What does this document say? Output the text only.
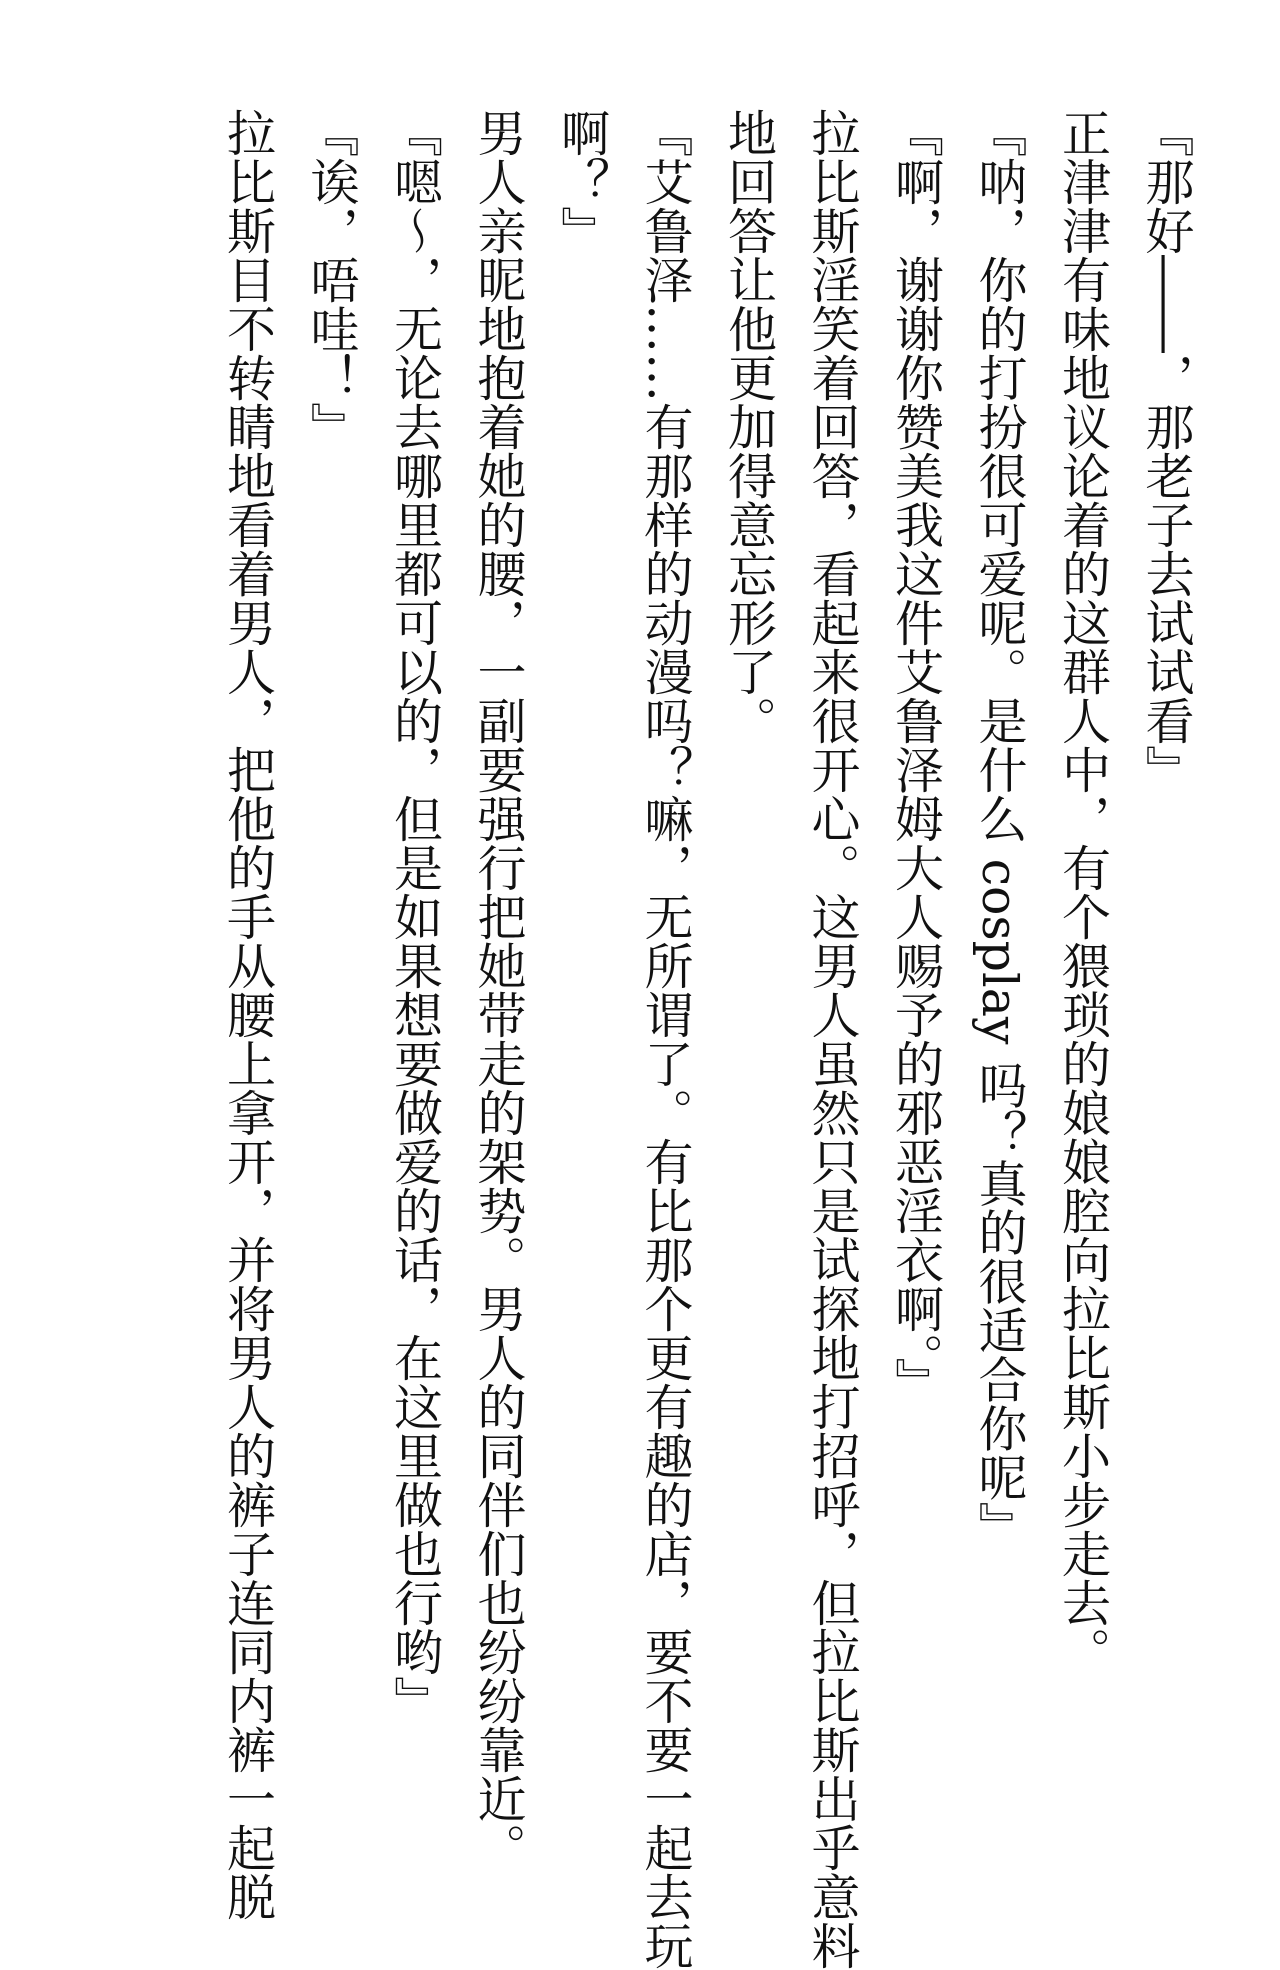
『那好――，那老子去试试看』
正津津有味地议论着的这群人中，有个猥琐的娘娘腔向拉比斯小步走去。
『呐，你的打扮很可爱呢。是什么 cosplay 吗？真的很适合你呢』
『啊，谢谢你赞美我这件艾鲁泽姆大人赐予的邪恶淫衣啊。』
拉比斯淫笑着回答，看起来很开心。这男人虽然只是试探地打招呼，但拉比斯出乎意料
地回答让他更加得意忘形了。
『艾鲁泽……有那样的动漫吗？嘛，无所谓了。有比那个更有趣的店，要不要一起去玩
啊？』
男人亲昵地抱着她的腰，一副要强行把她带走的架势。男人的同伴们也纷纷靠近。
『嗯～，无论去哪里都可以的，但是如果想要做爱的话，在这里做也行哟』
『诶，唔哇！』
拉比斯目不转睛地看着男人，把他的手从腰上拿开，并将男人的裤子连同内裤一起脱
